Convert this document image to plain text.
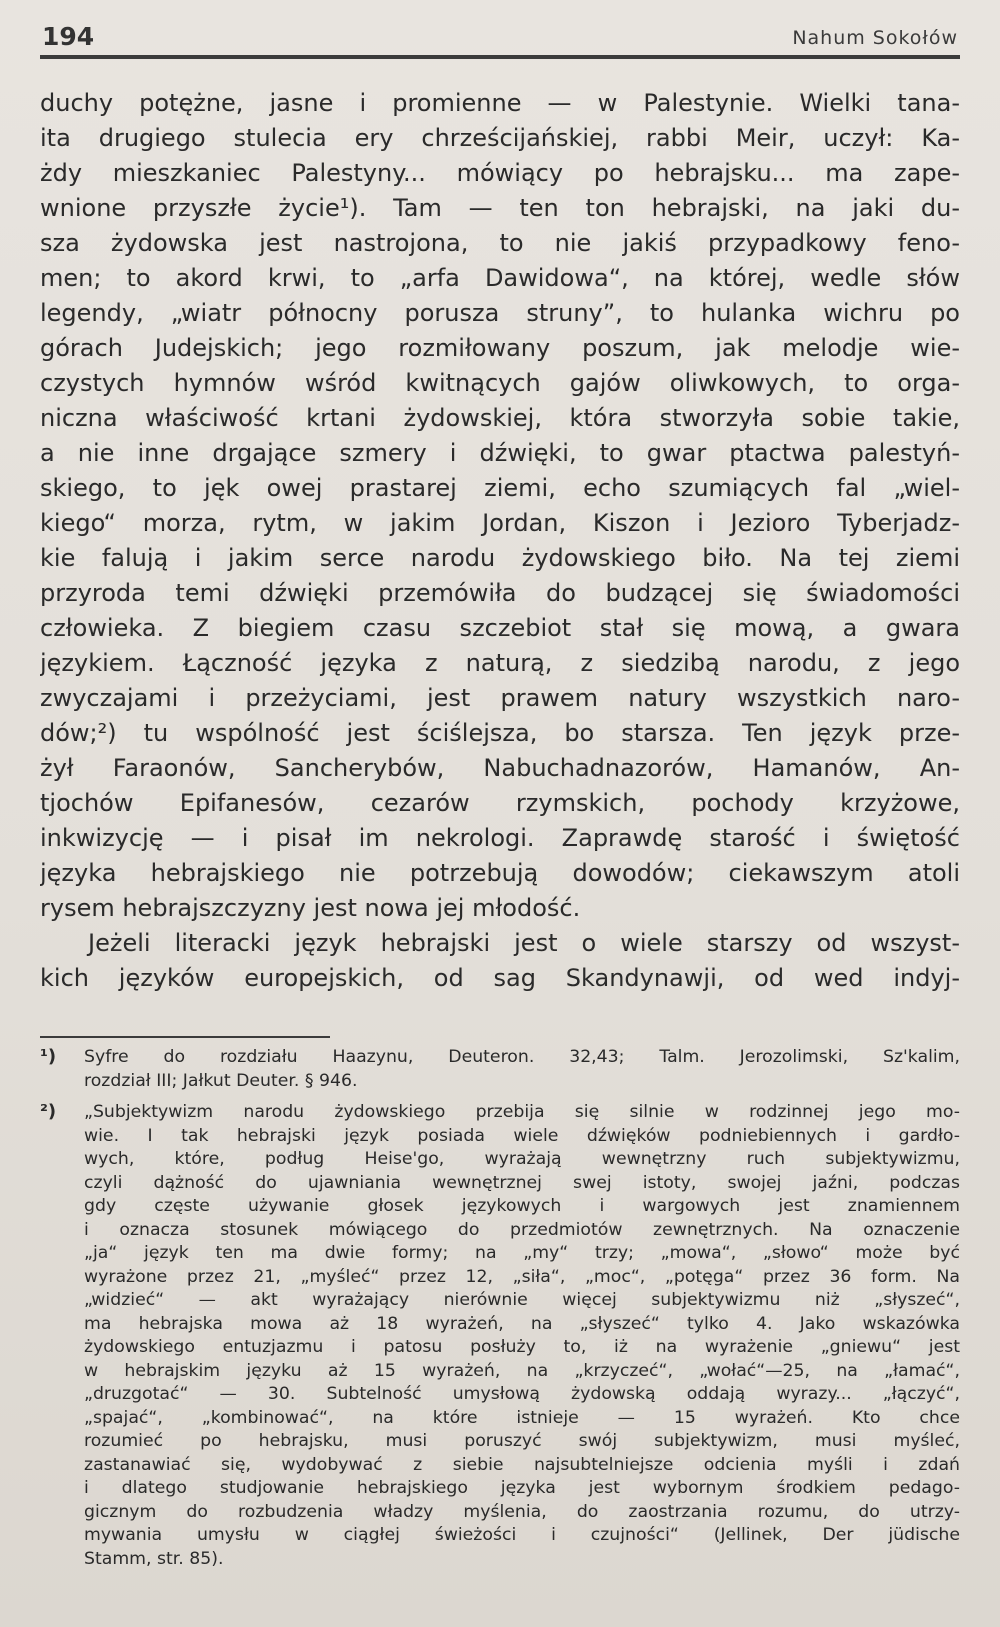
194	Nahum Sokołów
duchy potężne, jasne i promienne — w Palestynie. Wielki tana-
ita drugiego stulecia ery chrześcijańskiej, rabbi Meir, uczył: Ka-
żdy mieszkaniec Palestyny... mówiący po hebrajsku... ma zape-
wnione przyszłe życie¹). Tam — ten ton hebrajski, na jaki du-
sza żydowska jest nastrojona, to nie jakiś przypadkowy feno-
men; to akord krwi, to „arfa Dawidowa“, na której, wedle słów
legendy, „wiatr północny porusza struny”, to hulanka wichru po
górach Judejskich; jego rozmiłowany poszum, jak melodje wie-
czystych hymnów wśród kwitnących gajów oliwkowych, to orga-
niczna właściwość krtani żydowskiej, która stworzyła sobie takie,
a nie inne drgające szmery i dźwięki, to gwar ptactwa palestyń-
skiego, to jęk owej prastarej ziemi, echo szumiących fal „wiel-
kiego“ morza, rytm, w jakim Jordan, Kiszon i Jezioro Tyberjadz-
kie falują i jakim serce narodu żydowskiego biło. Na tej ziemi
przyroda temi dźwięki przemówiła do budzącej się świadomości
człowieka. Z biegiem czasu szczebiot stał się mową, a gwara
językiem. Łączność języka z naturą, z siedzibą narodu, z jego
zwyczajami i przeżyciami, jest prawem natury wszystkich naro-
dów;²) tu wspólność jest ściślejsza, bo starsza. Ten język prze-
żył Faraonów, Sancherybów, Nabuchadnazorów, Hamanów, An-
tjochów Epifanesów, cezarów rzymskich, pochody krzyżowe,
inkwizycję — i pisał im nekrologi. Zaprawdę starość i świętość
języka hebrajskiego nie potrzebują dowodów; ciekawszym atoli
rysem hebrajszczyzny jest nowa jej młodość.
Jeżeli literacki język hebrajski jest o wiele starszy od wszyst-
kich języków europejskich, od sag Skandynawji, od wed indyj-
¹) Syfre do rozdziału Haazynu, Deuteron. 32,43; Talm. Jerozolimski, Sz'kalim,
rozdział III; Jałkut Deuter. § 946.
²) „Subjektywizm narodu żydowskiego przebija się silnie w rodzinnej jego mo-
wie. I tak hebrajski język posiada wiele dźwięków podniebiennych i gardło-
wych, które, podług Heise'go, wyrażają wewnętrzny ruch subjektywizmu,
czyli dążność do ujawniania wewnętrznej swej istoty, swojej jaźni, podczas
gdy częste używanie głosek językowych i wargowych jest znamiennem
i oznacza stosunek mówiącego do przedmiotów zewnętrznych. Na oznaczenie
„ja“ język ten ma dwie formy; na „my“ trzy; „mowa“, „słowo“ może być
wyrażone przez 21, „myśleć“ przez 12, „siła“, „moc“, „potęga“ przez 36 form. Na
„widzieć“ — akt wyrażający nierównie więcej subjektywizmu niż „słyszeć“,
ma hebrajska mowa aż 18 wyrażeń, na „słyszeć“ tylko 4. Jako wskazówka
żydowskiego entuzjazmu i patosu posłuży to, iż na wyrażenie „gniewu“ jest
w hebrajskim języku aż 15 wyrażeń, na „krzyczeć“, „wołać“—25, na „łamać“,
„druzgotać“ — 30. Subtelność umysłową żydowską oddają wyrazy... „łączyć“,
„spajać“, „kombinować“, na które istnieje — 15 wyrażeń. Kto chce
rozumieć po hebrajsku, musi poruszyć swój subjektywizm, musi myśleć,
zastanawiać się, wydobywać z siebie najsubtelniejsze odcienia myśli i zdań
i dlatego studjowanie hebrajskiego języka jest wybornym środkiem pedago-
gicznym do rozbudzenia władzy myślenia, do zaostrzania rozumu, do utrzy-
mywania umysłu w ciągłej świeżości i czujności“ (Jellinek, Der jüdische
Stamm, str. 85).
